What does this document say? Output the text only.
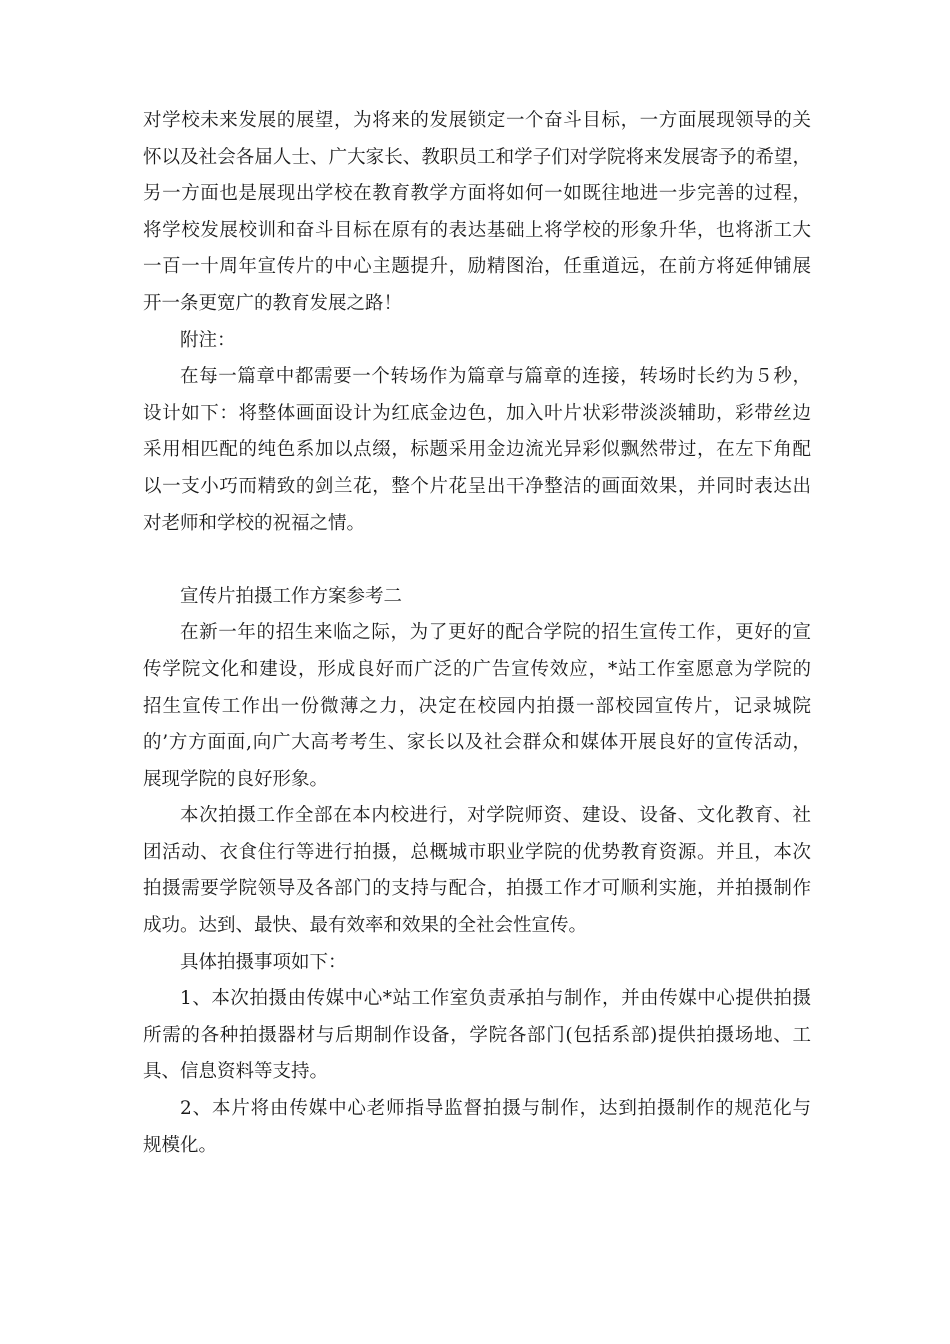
对学校未来发展的展望，为将来的发展锁定一个奋斗目标，一方面展现领导的关
怀以及社会各届人士、广大家长、教职员工和学子们对学院将来发展寄予的希望，
另一方面也是展现出学校在教育教学方面将如何一如既往地进一步完善的过程，
将学校发展校训和奋斗目标在原有的表达基础上将学校的形象升华，也将浙工大
一百一十周年宣传片的中心主题提升，励精图治，任重道远，在前方将延伸铺展
开一条更宽广的教育发展之路！
附注：
在每一篇章中都需要一个转场作为篇章与篇章的连接，转场时长约为５秒，
设计如下：将整体画面设计为红底金边色，加入叶片状彩带淡淡辅助，彩带丝边
采用相匹配的纯色系加以点缀，标题采用金边流光异彩似飘然带过，在左下角配
以一支小巧而精致的剑兰花，整个片花呈出干净整洁的画面效果，并同时表达出
对老师和学校的祝福之情。
宣传片拍摄工作方案参考二
在新一年的招生来临之际，为了更好的配合学院的招生宣传工作，更好的宣
传学院文化和建设，形成良好而广泛的广告宣传效应，*站工作室愿意为学院的
招生宣传工作出一份微薄之力，决定在校园内拍摄一部校园宣传片，记录城院
的’方方面面,向广大高考考生、家长以及社会群众和媒体开展良好的宣传活动，
展现学院的良好形象。
本次拍摄工作全部在本内校进行，对学院师资、建设、设备、文化教育、社
团活动、衣食住行等进行拍摄，总概城市职业学院的优势教育资源。并且，本次
拍摄需要学院领导及各部门的支持与配合，拍摄工作才可顺利实施，并拍摄制作
成功。达到、最快、最有效率和效果的全社会性宣传。
具体拍摄事项如下：
1、本次拍摄由传媒中心*站工作室负责承拍与制作，并由传媒中心提供拍摄
所需的各种拍摄器材与后期制作设备，学院各部门(包括系部)提供拍摄场地、工
具、信息资料等支持。
2、本片将由传媒中心老师指导监督拍摄与制作，达到拍摄制作的规范化与
规模化。
